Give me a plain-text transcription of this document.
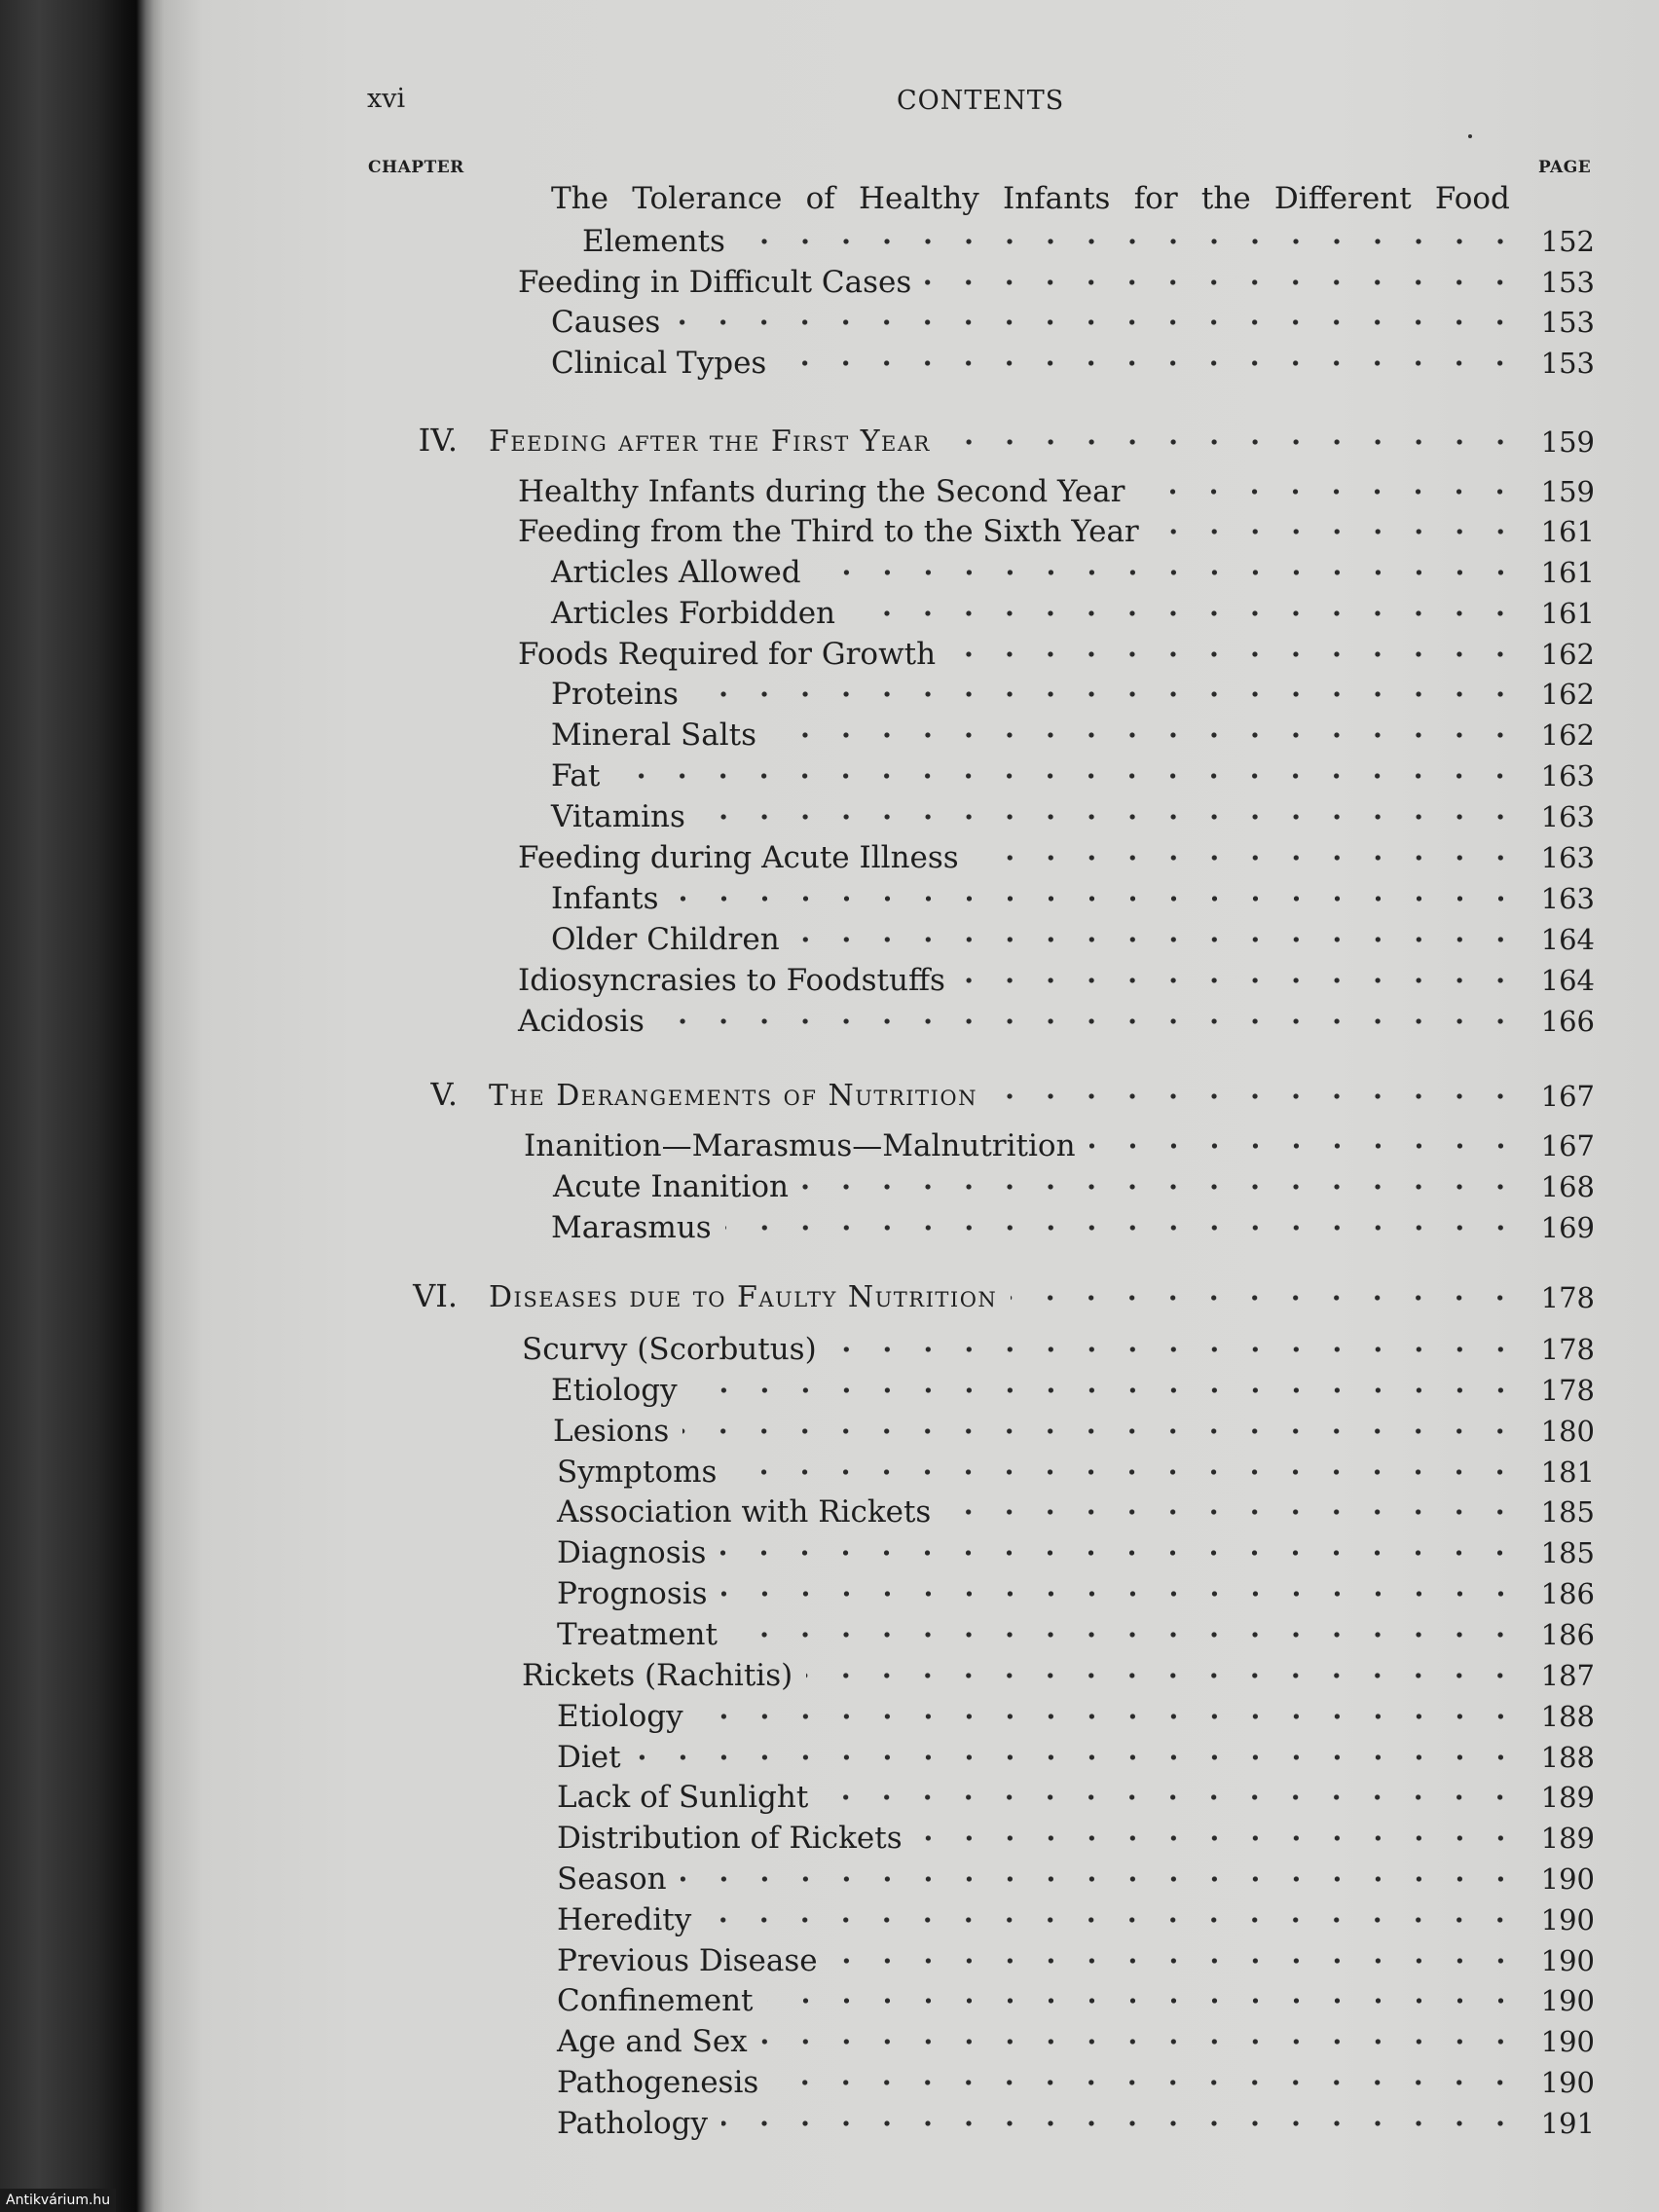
xvi	CONTENTS
CHAPTER	PAGE
The Tolerance of Healthy Infants for the Different Food
Elements	152
Feeding in Difficult Cases	153
Causes	153
Clinical Types	153
IV. Feeding after the First Year	159
Healthy Infants during the Second Year	159
Feeding from the Third to the Sixth Year	161
Articles Allowed	161
Articles Forbidden	161
Foods Required for Growth	162
Proteins	162
Mineral Salts	162
Fat	163
Vitamins	163
Feeding during Acute Illness	163
Infants	163
Older Children	164
Idiosyncrasies to Foodstuffs	164
Acidosis	166
V. The Derangements of Nutrition	167
Inanition—Marasmus—Malnutrition	167
Acute Inanition	168
Marasmus	169
VI. Diseases due to Faulty Nutrition	178
Scurvy (Scorbutus)	178
Etiology	178
Lesions	180
Symptoms	181
Association with Rickets	185
Diagnosis	185
Prognosis	186
Treatment	186
Rickets (Rachitis)	187
Etiology	188
Diet	188
Lack of Sunlight	189
Distribution of Rickets	189
Season	190
Heredity	190
Previous Disease	190
Confinement	190
Age and Sex	190
Pathogenesis	190
Pathology	191
Antikvárium.hu
